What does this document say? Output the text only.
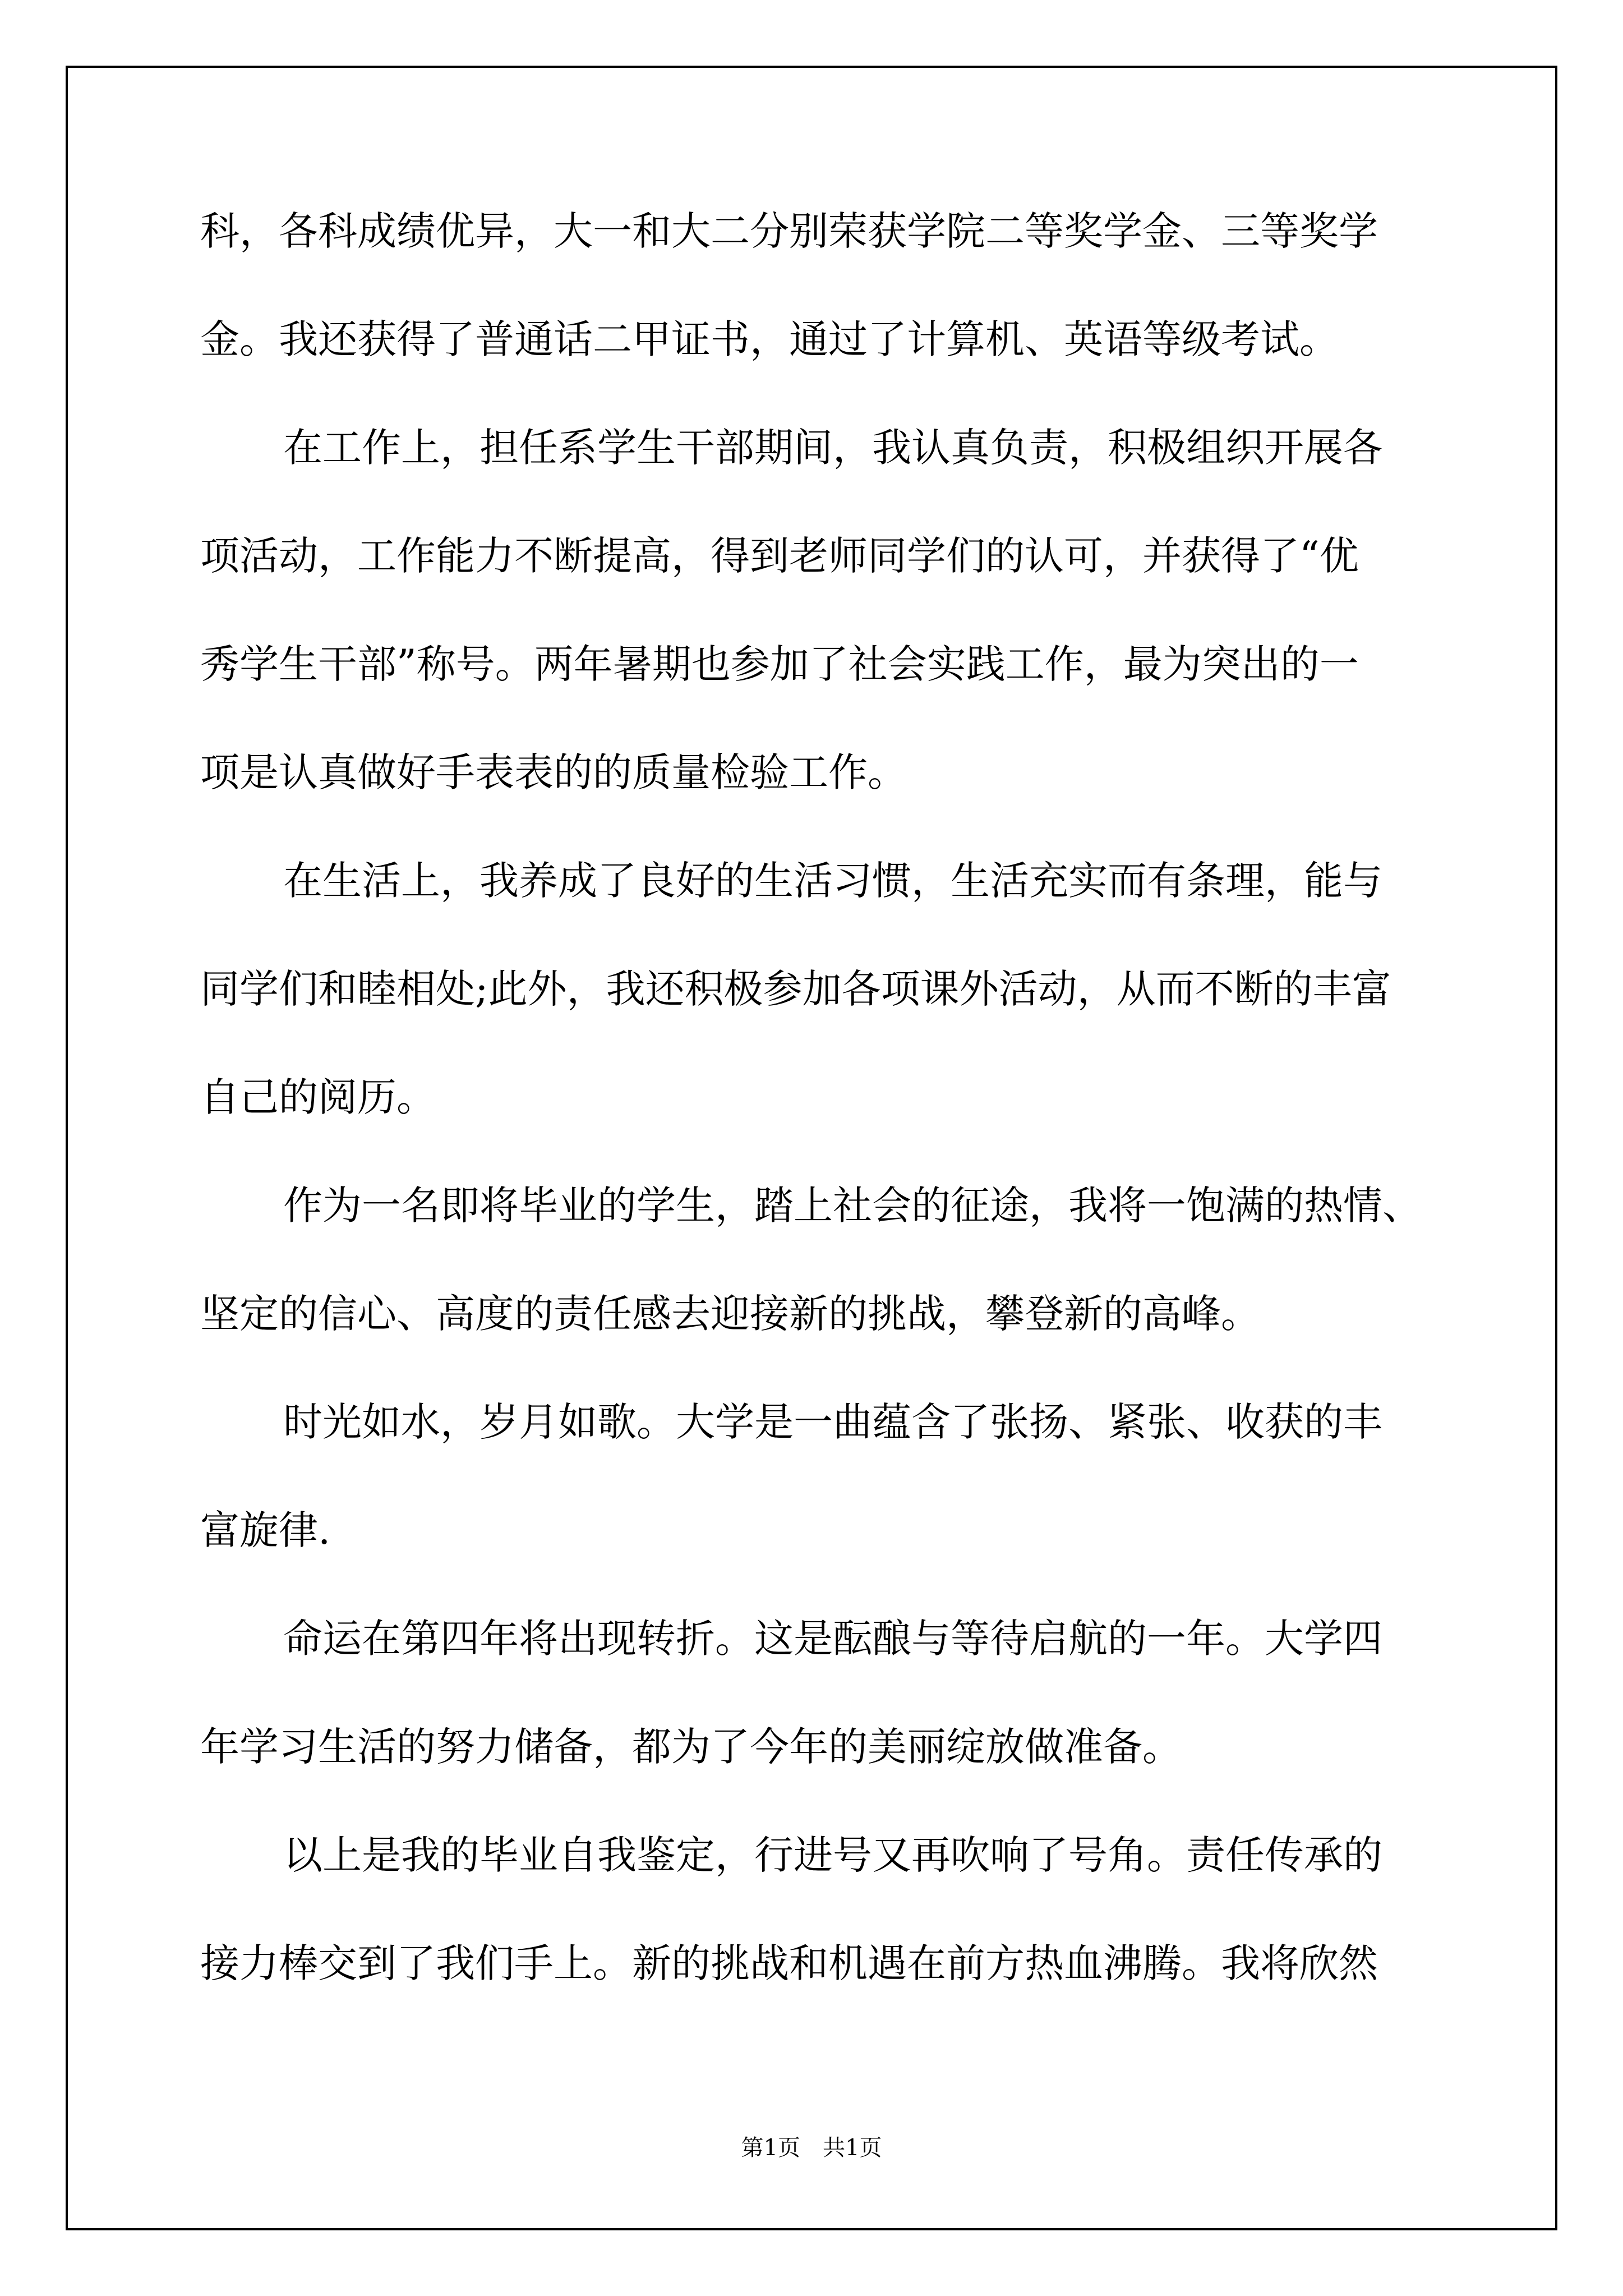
科，各科成绩优异，大一和大二分别荣获学院二等奖学金、三等奖学
金。我还获得了普通话二甲证书，通过了计算机、英语等级考试。
在工作上，担任系学生干部期间，我认真负责，积极组织开展各
项活动，工作能力不断提高，得到老师同学们的认可，并获得了“优
秀学生干部”称号。两年暑期也参加了社会实践工作，最为突出的一
项是认真做好手表表的的质量检验工作。
在生活上，我养成了良好的生活习惯，生活充实而有条理，能与
同学们和睦相处;此外，我还积极参加各项课外活动，从而不断的丰富
自己的阅历。
作为一名即将毕业的学生，踏上社会的征途，我将一饱满的热情、
坚定的信心、高度的责任感去迎接新的挑战，攀登新的高峰。
时光如水，岁月如歌。大学是一曲蕴含了张扬、紧张、收获的丰
富旋律.
命运在第四年将出现转折。这是酝酿与等待启航的一年。大学四
年学习生活的努力储备，都为了今年的美丽绽放做准备。
以上是我的毕业自我鉴定，行进号又再吹响了号角。责任传承的
接力棒交到了我们手上。新的挑战和机遇在前方热血沸腾。我将欣然
第1页　共1页
